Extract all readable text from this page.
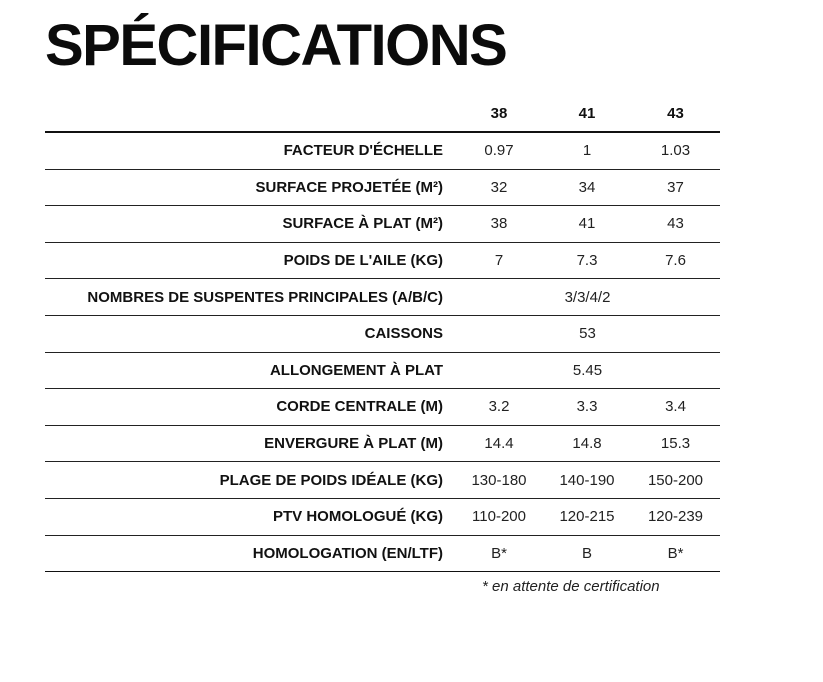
SPÉCIFICATIONS
	38	41	43
FACTEUR D'ÉCHELLE	0.97	1	1.03
SURFACE PROJETÉE (M²)	32	34	37
SURFACE À PLAT (M²)	38	41	43
POIDS DE L'AILE (KG)	7	7.3	7.6
NOMBRES DE SUSPENTES PRINCIPALES (A/B/C)	3/3/4/2		
CAISSONS	53		
ALLONGEMENT À PLAT	5.45		
CORDE CENTRALE (M)	3.2	3.3	3.4
ENVERGURE À PLAT (M)	14.4	14.8	15.3
PLAGE DE POIDS IDÉALE (KG)	130-180	140-190	150-200
PTV HOMOLOGUÉ (KG)	110-200	120-215	120-239
HOMOLOGATION (EN/LTF)	B*	B	B*
* en attente de certification
